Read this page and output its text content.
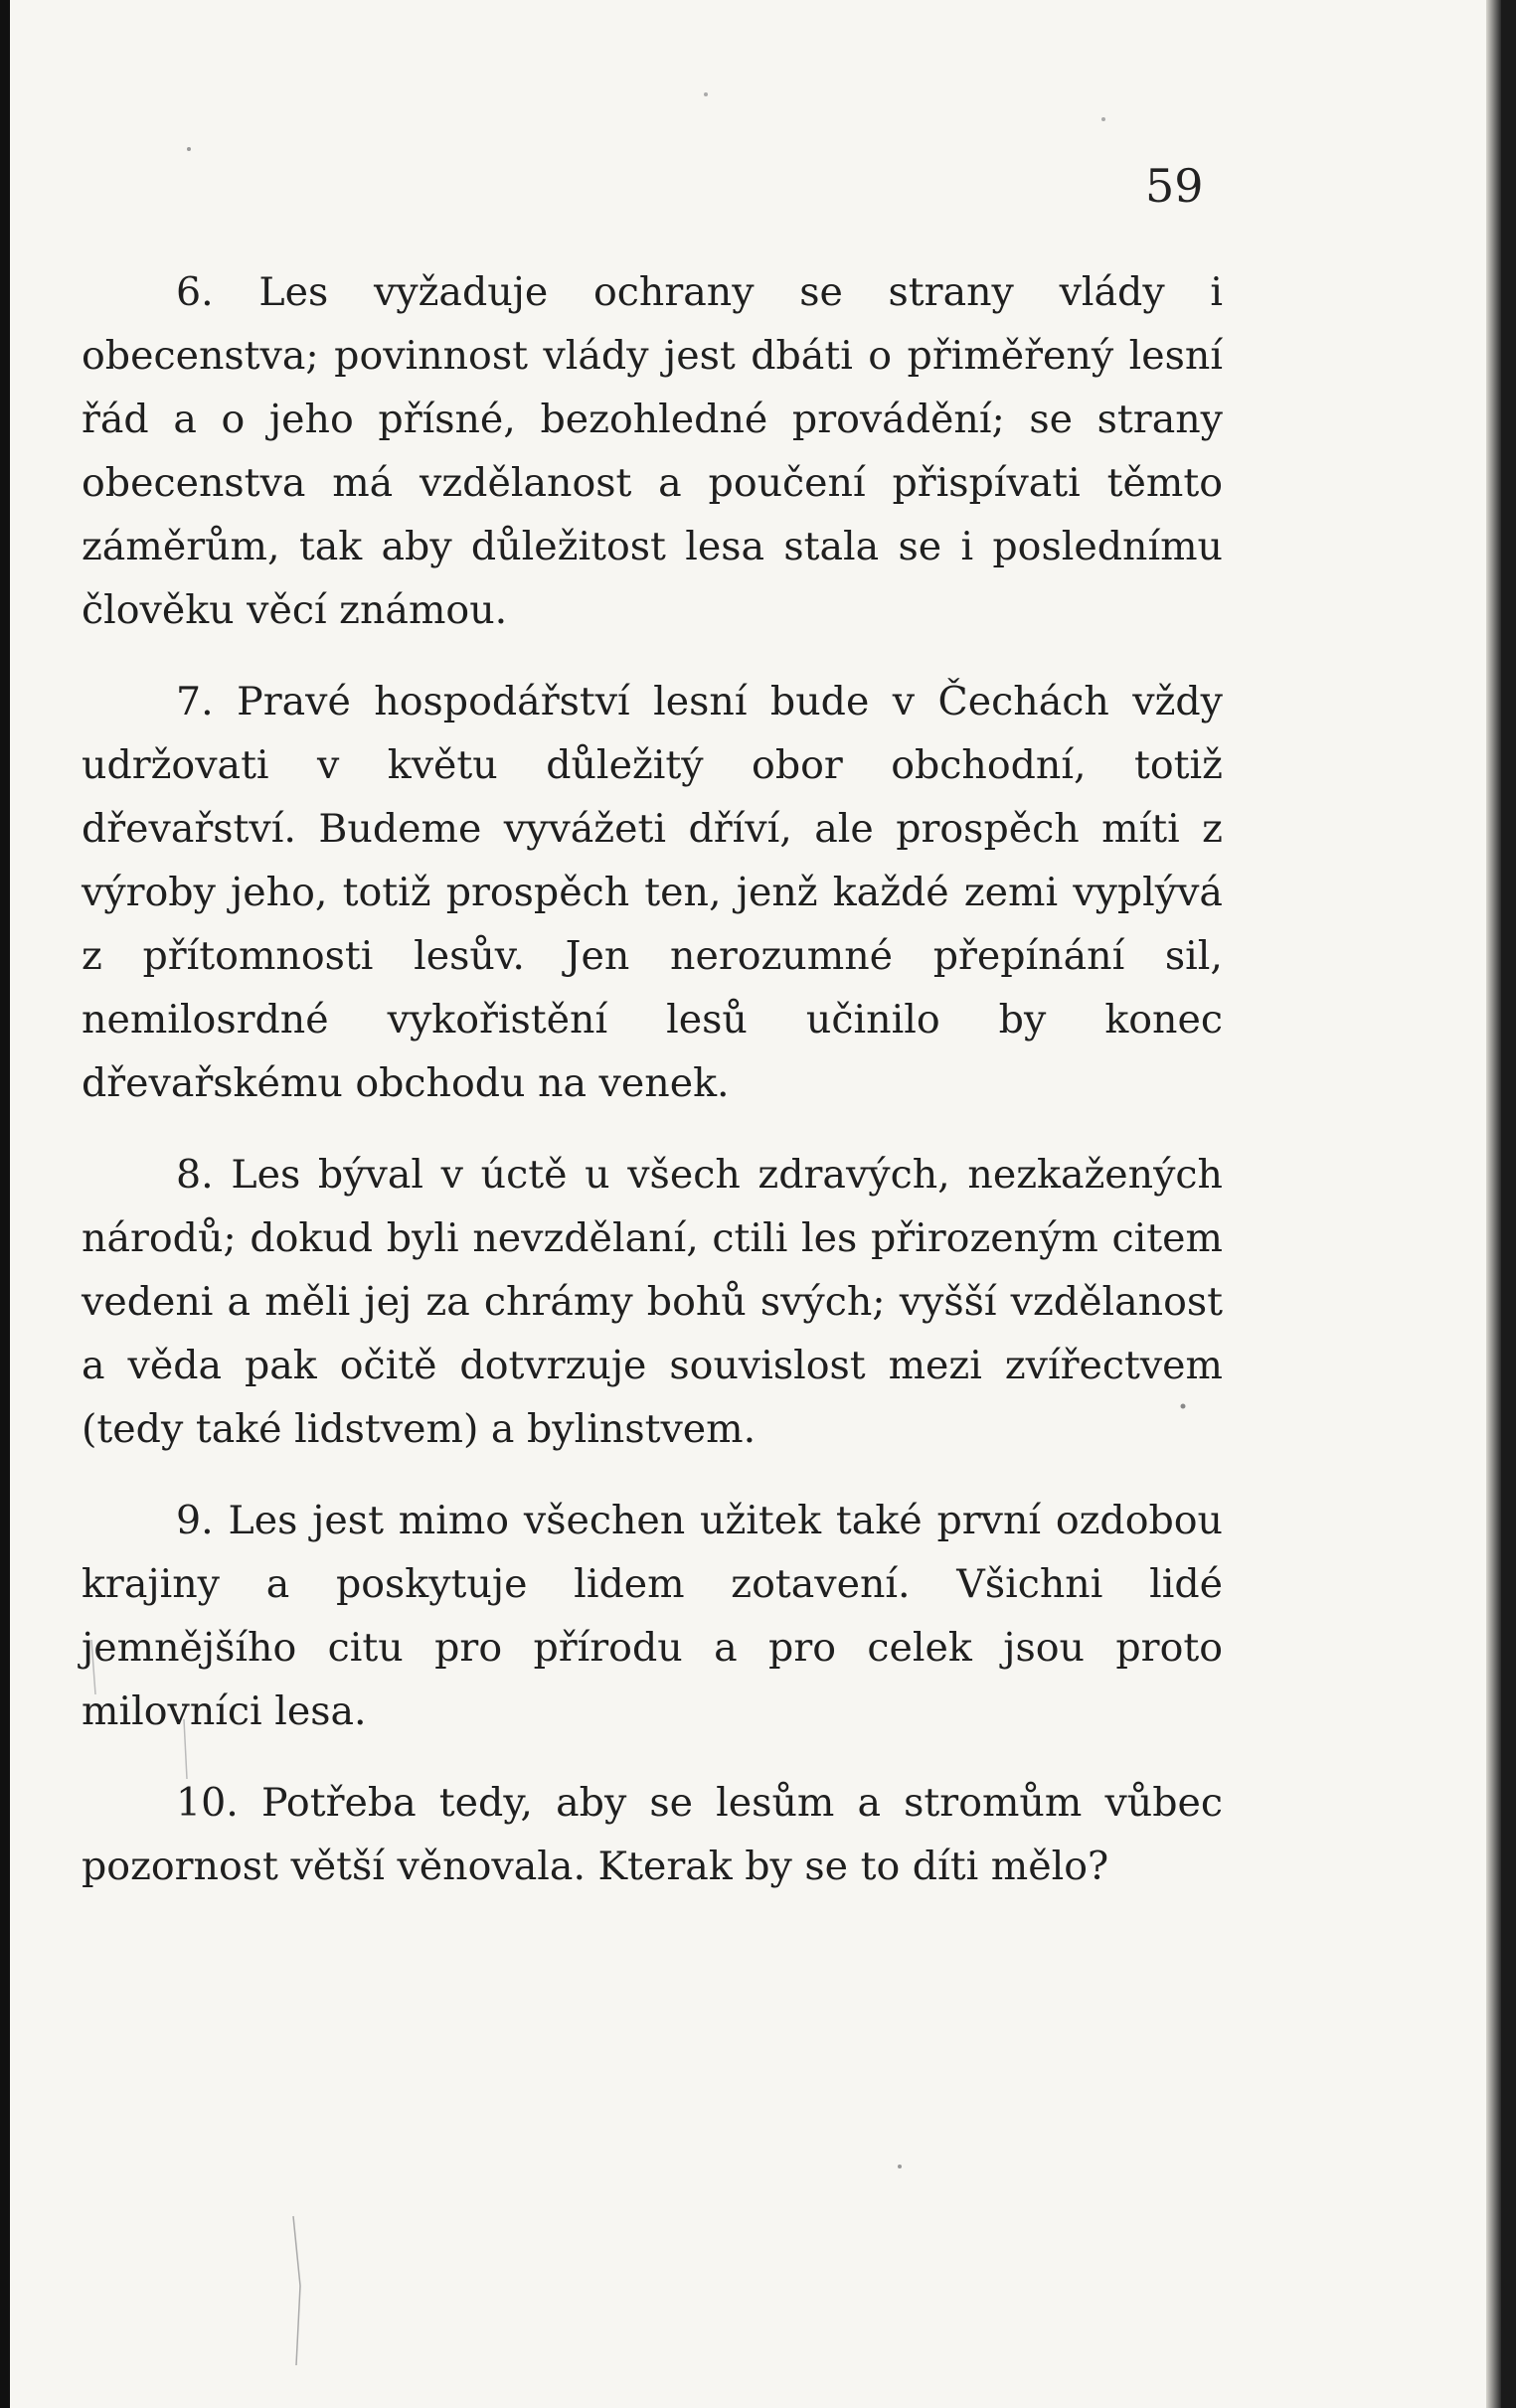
59

6. Les vyžaduje ochrany se strany vlády i obecenstva; povinnost vlády jest dbáti o přiměřený lesní řád a o jeho přísné, bezohledné provádění; se strany obecenstva má vzdělanost a poučení přispívati těmto záměrům, tak aby důležitost lesa stala se i poslednímu člověku věcí známou.

7. Pravé hospodářství lesní bude v Čechách vždy udržovati v květu důležitý obor obchodní, totiž dřevařství. Budeme vyvážeti dříví, ale prospěch míti z výroby jeho, totiž prospěch ten, jenž každé zemi vyplývá z přítomnosti lesův. Jen nerozumné přepínání sil, nemilosrdné vykořistění lesů učinilo by konec dřevařskému obchodu na venek.

8. Les býval v úctě u všech zdravých, nezkažených národů; dokud byli nevzdělaní, ctili les přirozeným citem vedeni a měli jej za chrámy bohů svých; vyšší vzdělanost a věda pak očitě dotvrzuje souvislost mezi zvířectvem (tedy také lidstvem) a bylinstvem.

9. Les jest mimo všechen užitek také první ozdobou krajiny a poskytuje lidem zotavení. Všichni lidé jemnějšího citu pro přírodu a pro celek jsou proto milovníci lesa.

10. Potřeba tedy, aby se lesům a stromům vůbec pozornost větší věnovala. Kterak by se to díti mělo?
